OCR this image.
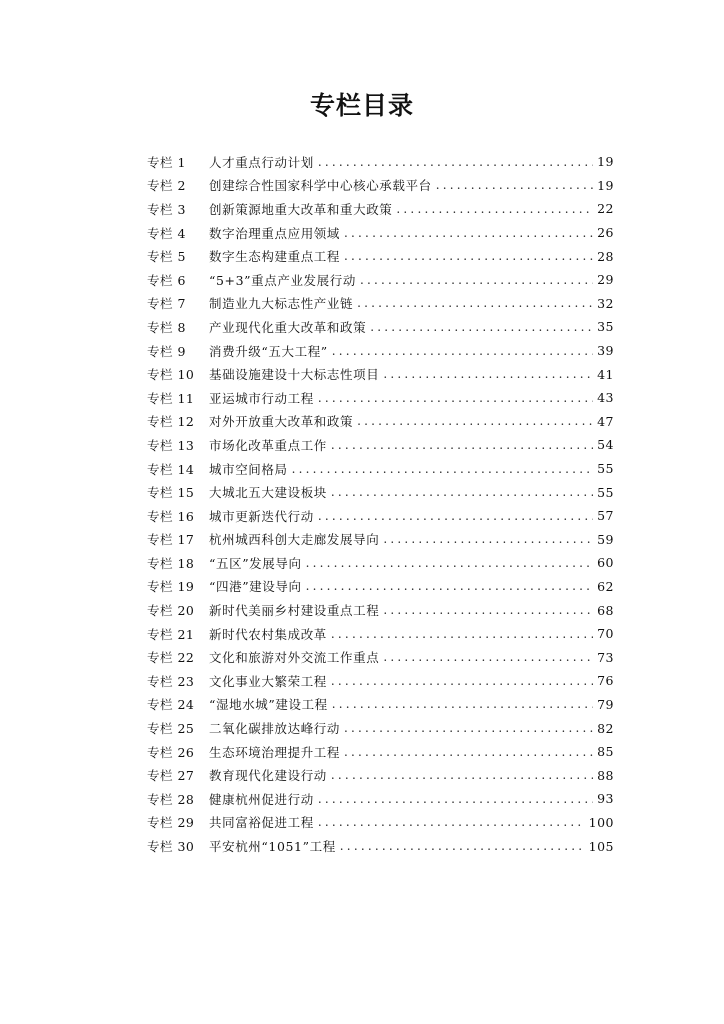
专栏目录
专栏 1	人才重点行动计划 .....	19
专栏 2	创建综合性国家科学中心核心承载平台 .....	19
专栏 3	创新策源地重大改革和重大政策 .....	22
专栏 4	数字治理重点应用领域 .....	26
专栏 5	数字生态构建重点工程 .....	28
专栏 6	“5+3”重点产业发展行动 .....	29
专栏 7	制造业九大标志性产业链 .....	32
专栏 8	产业现代化重大改革和政策 .....	35
专栏 9	消费升级“五大工程” .....	39
专栏 10	基础设施建设十大标志性项目 .....	41
专栏 11	亚运城市行动工程 .....	43
专栏 12	对外开放重大改革和政策 .....	47
专栏 13	市场化改革重点工作 .....	54
专栏 14	城市空间格局 .....	55
专栏 15	大城北五大建设板块 .....	55
专栏 16	城市更新迭代行动 .....	57
专栏 17	杭州城西科创大走廊发展导向 .....	59
专栏 18	“五区”发展导向 .....	60
专栏 19	“四港”建设导向 .....	62
专栏 20	新时代美丽乡村建设重点工程 .....	68
专栏 21	新时代农村集成改革 .....	70
专栏 22	文化和旅游对外交流工作重点 .....	73
专栏 23	文化事业大繁荣工程 .....	76
专栏 24	“湿地水城”建设工程 .....	79
专栏 25	二氧化碳排放达峰行动 .....	82
专栏 26	生态环境治理提升工程 .....	85
专栏 27	教育现代化建设行动 .....	88
专栏 28	健康杭州促进行动 .....	93
专栏 29	共同富裕促进工程 .....	100
专栏 30	平安杭州“1051”工程 .....	105
